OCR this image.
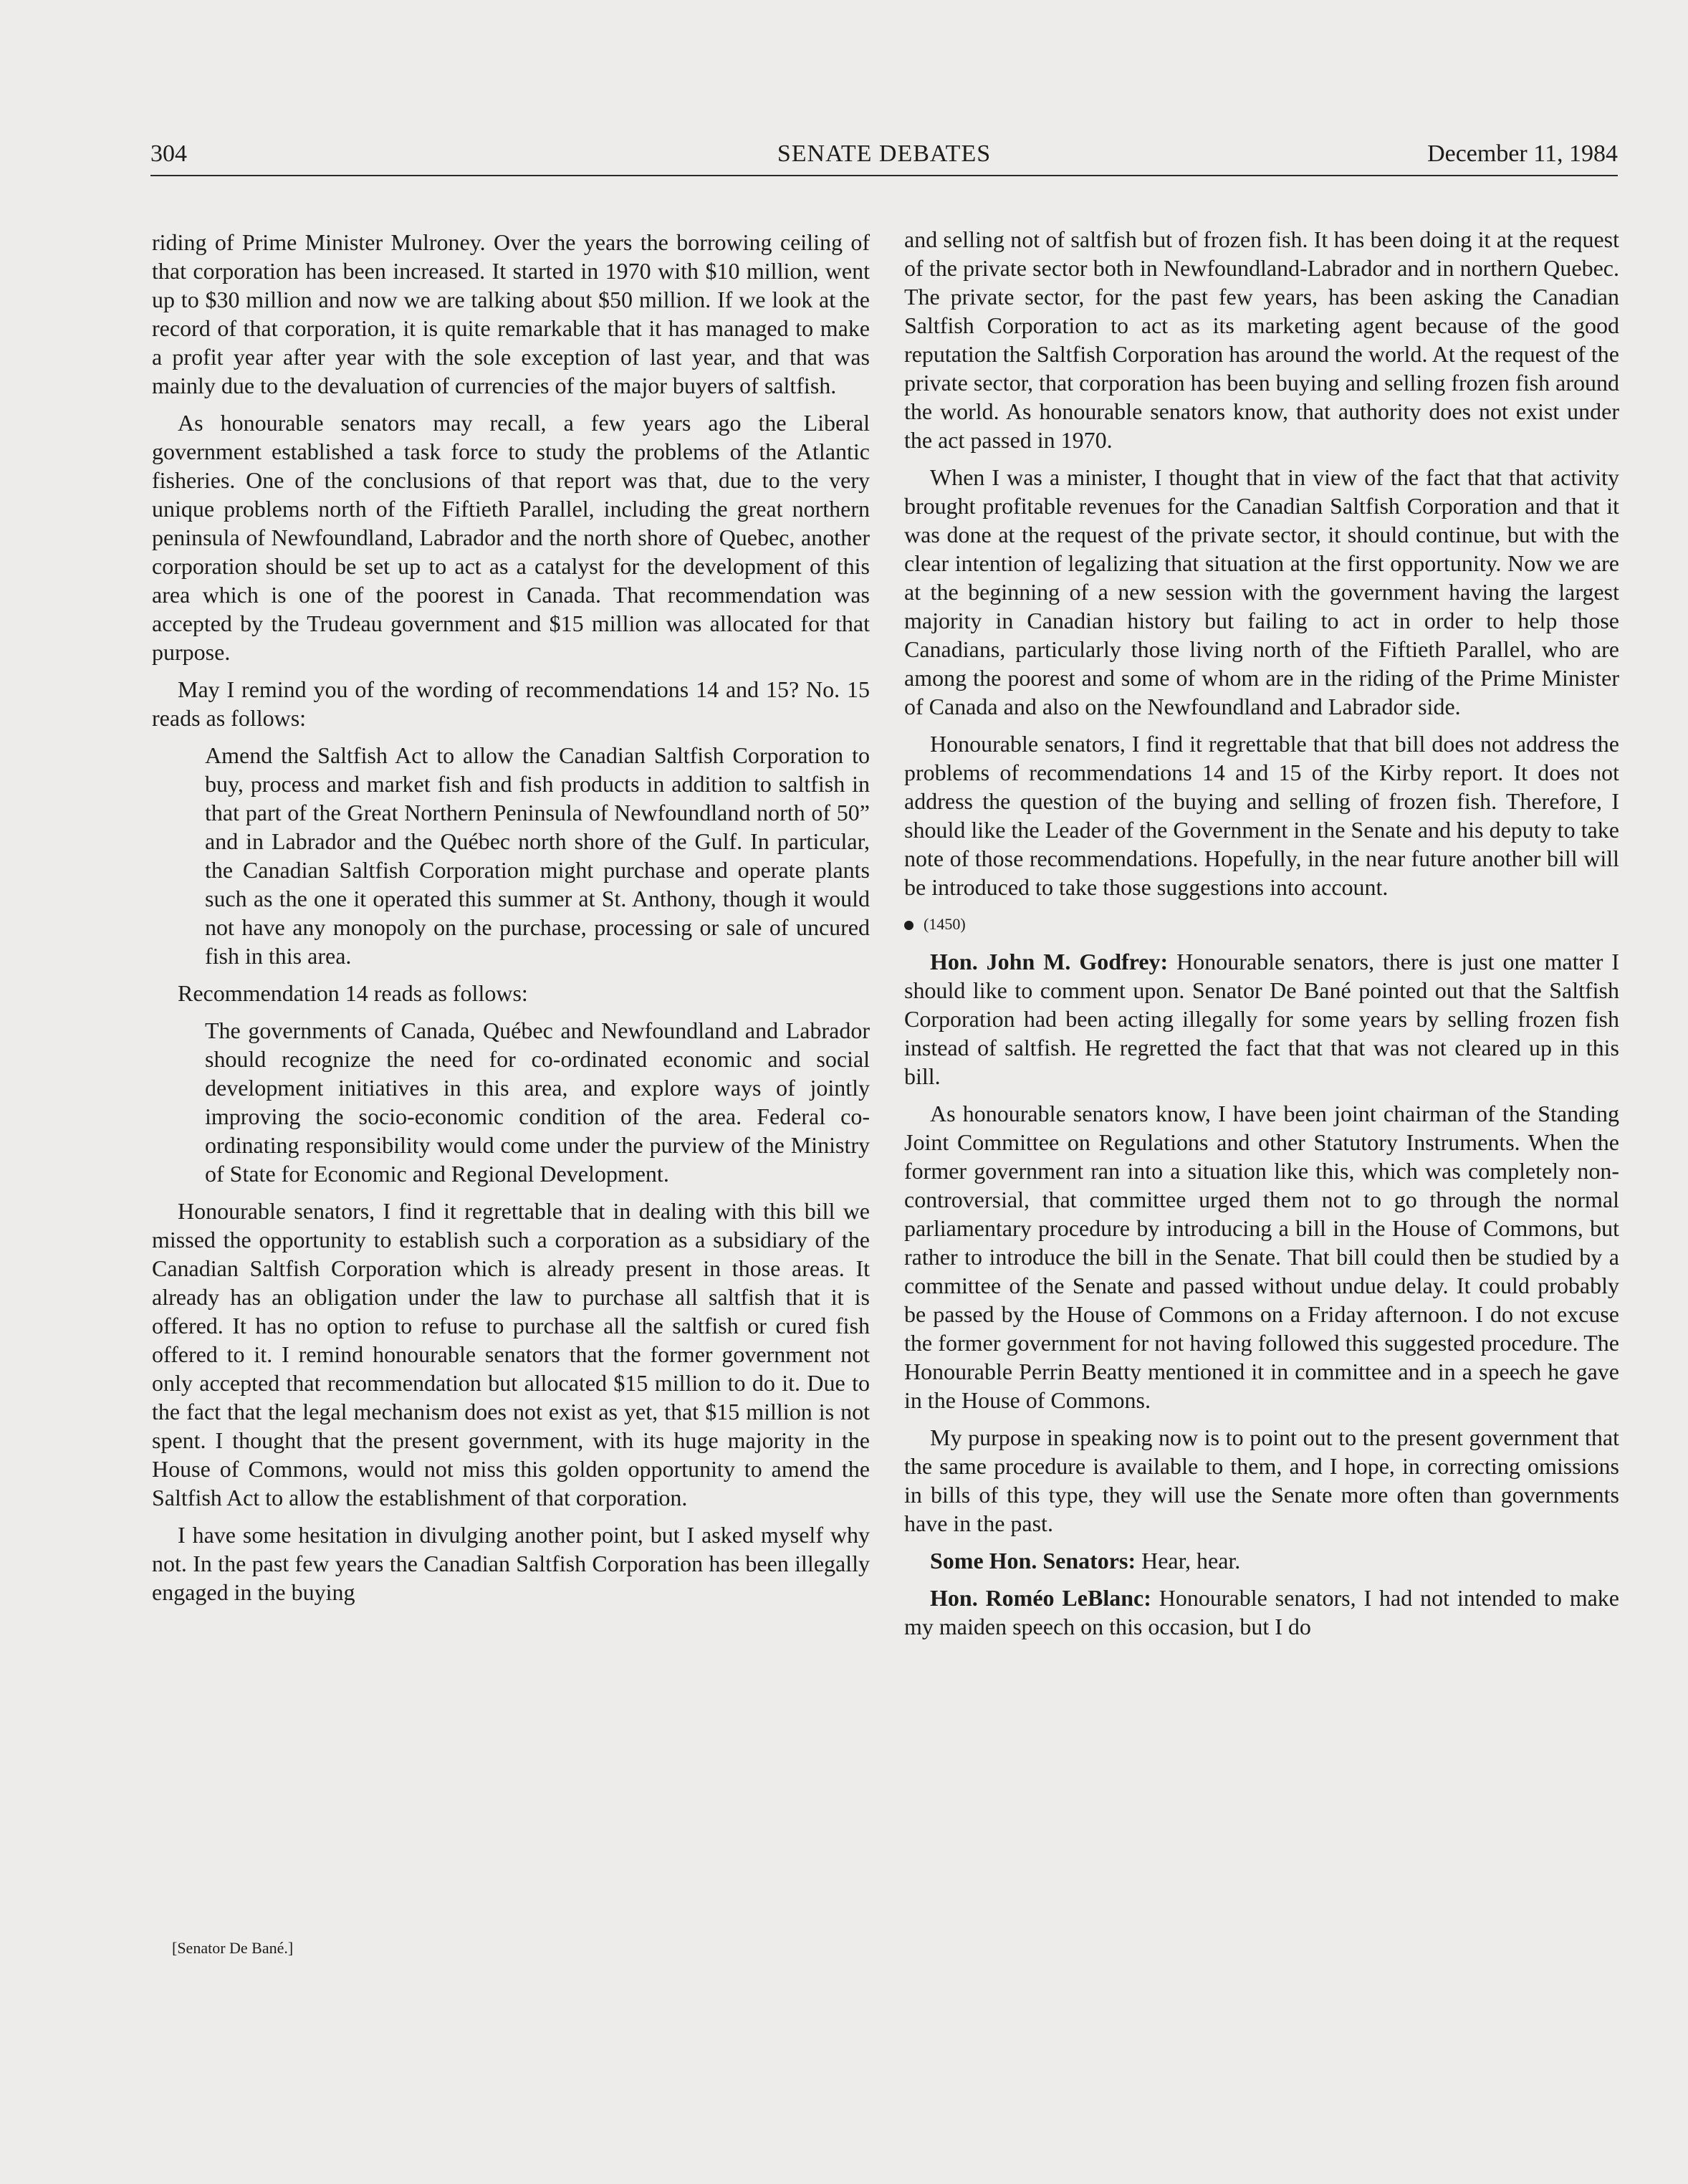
304	SENATE DEBATES	December 11, 1984

riding of Prime Minister Mulroney. Over the years the borrowing ceiling of that corporation has been increased. It started in 1970 with $10 million, went up to $30 million and now we are talking about $50 million. If we look at the record of that corporation, it is quite remarkable that it has managed to make a profit year after year with the sole exception of last year, and that was mainly due to the devaluation of currencies of the major buyers of saltfish.

As honourable senators may recall, a few years ago the Liberal government established a task force to study the problems of the Atlantic fisheries. One of the conclusions of that report was that, due to the very unique problems north of the Fiftieth Parallel, including the great northern peninsula of Newfoundland, Labrador and the north shore of Quebec, another corporation should be set up to act as a catalyst for the development of this area which is one of the poorest in Canada. That recommendation was accepted by the Trudeau government and $15 million was allocated for that purpose.

May I remind you of the wording of recommendations 14 and 15? No. 15 reads as follows:

Amend the Saltfish Act to allow the Canadian Saltfish Corporation to buy, process and market fish and fish products in addition to saltfish in that part of the Great Northern Peninsula of Newfoundland north of 50” and in Labrador and the Québec north shore of the Gulf. In particular, the Canadian Saltfish Corporation might purchase and operate plants such as the one it operated this summer at St. Anthony, though it would not have any monopoly on the purchase, processing or sale of uncured fish in this area.

Recommendation 14 reads as follows:

The governments of Canada, Québec and Newfoundland and Labrador should recognize the need for co-ordinated economic and social development initiatives in this area, and explore ways of jointly improving the socio-economic condition of the area. Federal co-ordinating responsibility would come under the purview of the Ministry of State for Economic and Regional Development.

Honourable senators, I find it regrettable that in dealing with this bill we missed the opportunity to establish such a corporation as a subsidiary of the Canadian Saltfish Corporation which is already present in those areas. It already has an obligation under the law to purchase all saltfish that it is offered. It has no option to refuse to purchase all the saltfish or cured fish offered to it. I remind honourable senators that the former government not only accepted that recommendation but allocated $15 million to do it. Due to the fact that the legal mechanism does not exist as yet, that $15 million is not spent. I thought that the present government, with its huge majority in the House of Commons, would not miss this golden opportunity to amend the Saltfish Act to allow the establishment of that corporation.

I have some hesitation in divulging another point, but I asked myself why not. In the past few years the Canadian Saltfish Corporation has been illegally engaged in the buying

and selling not of saltfish but of frozen fish. It has been doing it at the request of the private sector both in Newfoundland-Labrador and in northern Quebec. The private sector, for the past few years, has been asking the Canadian Saltfish Corporation to act as its marketing agent because of the good reputation the Saltfish Corporation has around the world. At the request of the private sector, that corporation has been buying and selling frozen fish around the world. As honourable senators know, that authority does not exist under the act passed in 1970.

When I was a minister, I thought that in view of the fact that that activity brought profitable revenues for the Canadian Saltfish Corporation and that it was done at the request of the private sector, it should continue, but with the clear intention of legalizing that situation at the first opportunity. Now we are at the beginning of a new session with the government having the largest majority in Canadian history but failing to act in order to help those Canadians, particularly those living north of the Fiftieth Parallel, who are among the poorest and some of whom are in the riding of the Prime Minister of Canada and also on the Newfoundland and Labrador side.

Honourable senators, I find it regrettable that that bill does not address the problems of recommendations 14 and 15 of the Kirby report. It does not address the question of the buying and selling of frozen fish. Therefore, I should like the Leader of the Government in the Senate and his deputy to take note of those recommendations. Hopefully, in the near future another bill will be introduced to take those suggestions into account.

(1450)

Hon. John M. Godfrey: Honourable senators, there is just one matter I should like to comment upon. Senator De Bané pointed out that the Saltfish Corporation had been acting illegally for some years by selling frozen fish instead of saltfish. He regretted the fact that that was not cleared up in this bill.

As honourable senators know, I have been joint chairman of the Standing Joint Committee on Regulations and other Statutory Instruments. When the former government ran into a situation like this, which was completely non-controversial, that committee urged them not to go through the normal parliamentary procedure by introducing a bill in the House of Commons, but rather to introduce the bill in the Senate. That bill could then be studied by a committee of the Senate and passed without undue delay. It could probably be passed by the House of Commons on a Friday afternoon. I do not excuse the former government for not having followed this suggested procedure. The Honourable Perrin Beatty mentioned it in committee and in a speech he gave in the House of Commons.

My purpose in speaking now is to point out to the present government that the same procedure is available to them, and I hope, in correcting omissions in bills of this type, they will use the Senate more often than governments have in the past.

Some Hon. Senators: Hear, hear.

Hon. Roméo LeBlanc: Honourable senators, I had not intended to make my maiden speech on this occasion, but I do

[Senator De Bané.]
